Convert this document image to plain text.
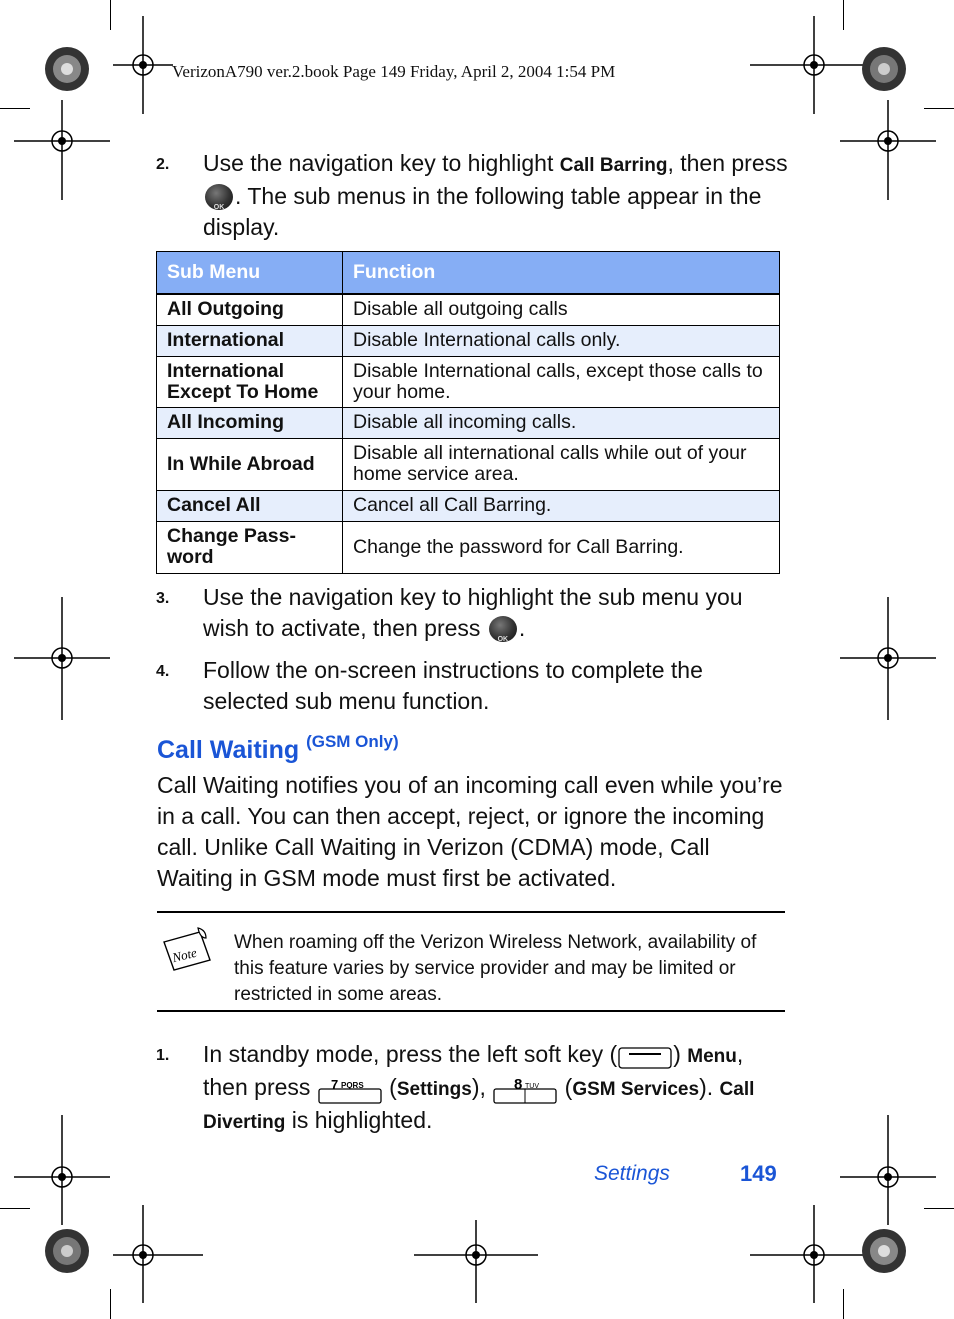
VerizonA790 ver.2.book Page 149 Friday, April 2, 2004 1:54 PM
2. Use the navigation key to highlight Call Barring, then press
OK . The sub menus in the following table appear in the display.
Sub Menu	Function
All Outgoing	Disable all outgoing calls
International	Disable International calls only.
International Except To Home	Disable International calls, except those calls to your home.
All Incoming	Disable all incoming calls.
In While Abroad	Disable all international calls while out of your home service area.
Cancel All	Cancel all Call Barring.
Change Pass-word	Change the password for Call Barring.
3. Use the navigation key to highlight the sub menu you wish to activate, then press	OK .
4. Follow the on-screen instructions to complete the selected sub menu function.
Call Waiting $^{(GSM Only)}$
Call Waiting notifies you of an incoming call even while you’re in a call. You can then accept, reject, or ignore the incoming call. Unlike Call Waiting in Verizon (CDMA) mode, Call Waiting in GSM mode must first be activated.
Note
When roaming off the Verizon Wireless Network, availability of this feature varies by service provider and may be limited or restricted in some areas.
1. In standby mode, press the left soft key ( ) Menu, then press 7 PQRS (Settings), 8 TUV (GSM Services). Call Diverting is highlighted.
Settings	149
